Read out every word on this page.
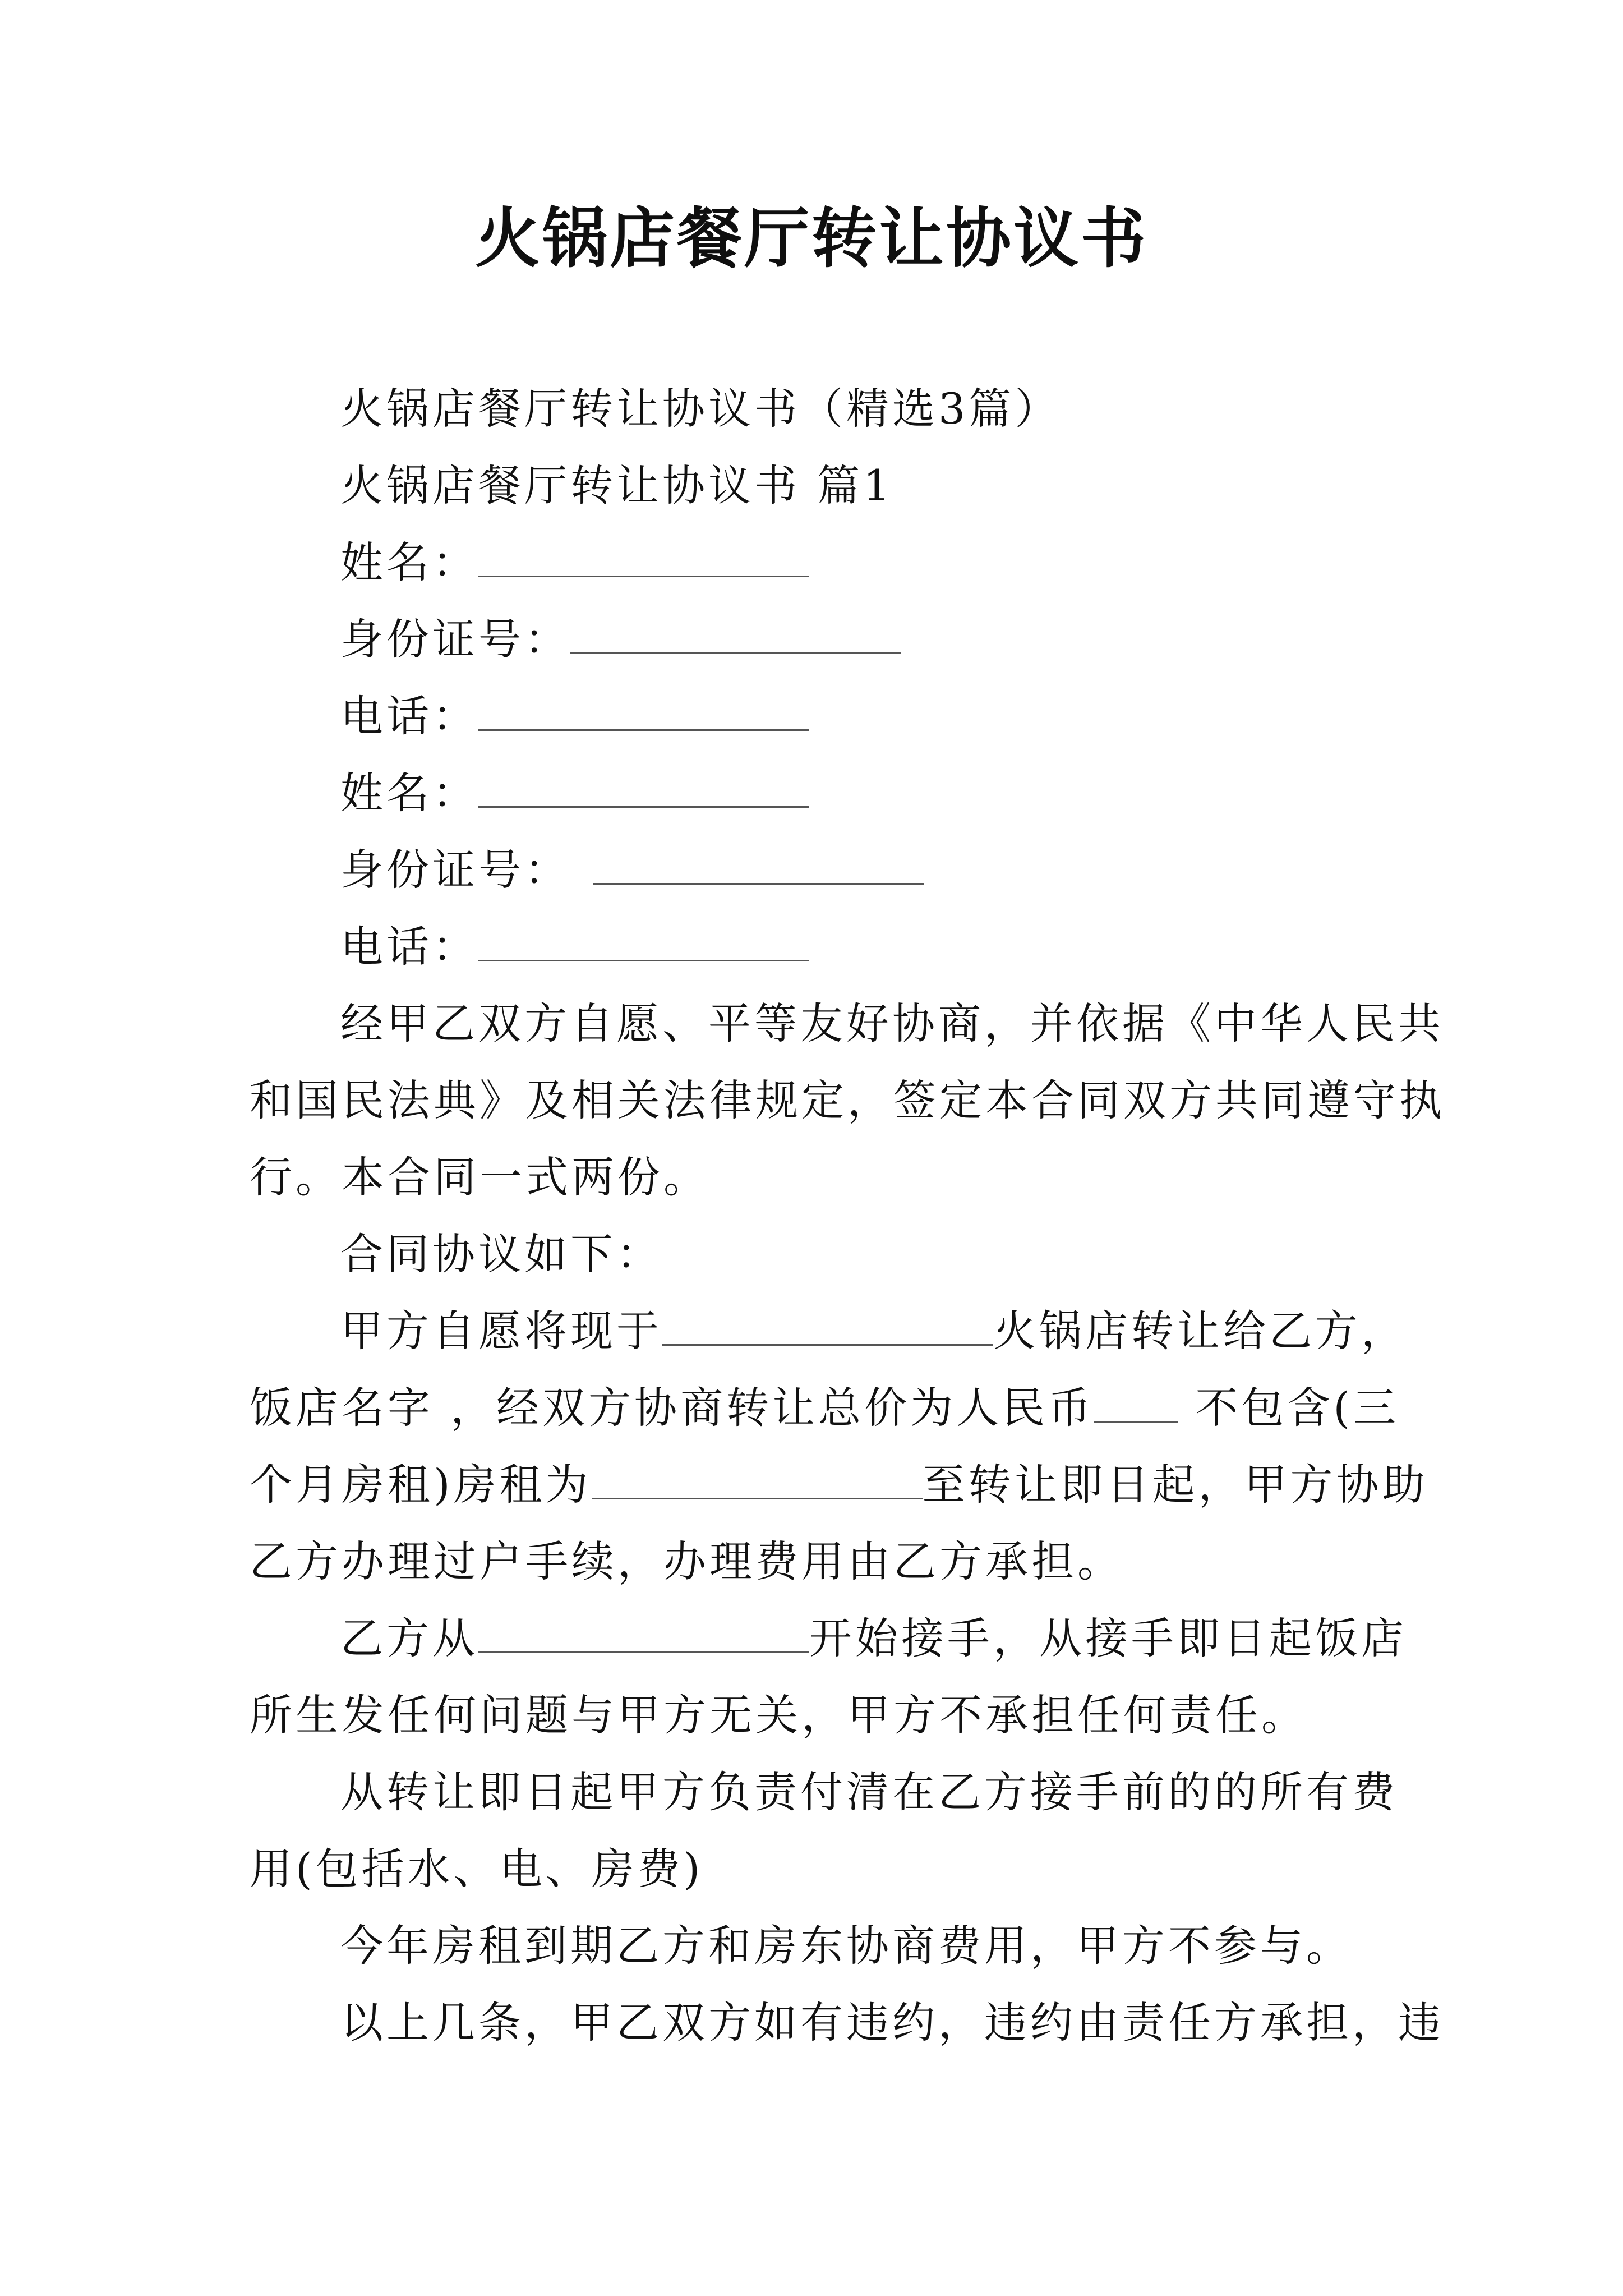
火锅店餐厅转让协议书
火锅店餐厅转让协议书（精选3篇）
火锅店餐厅转让协议书 篇1
姓名：
身份证号：
电话：
姓名：
身份证号：
电话：
经甲乙双方自愿、平等友好协商，并依据《中华人民共
和国民法典》及相关法律规定，签定本合同双方共同遵守执
行。本合同一式两份。
合同协议如下：
甲方自愿将现于	火锅店转让给乙方，
饭店名字 ，经双方协商转让总价为人民币 不包含(三
个月房租)房租为	至转让即日起，甲方协助
乙方办理过户手续，办理费用由乙方承担。
乙方从	开始接手，从接手即日起饭店
所生发任何问题与甲方无关，甲方不承担任何责任。
从转让即日起甲方负责付清在乙方接手前的的所有费
用(包括水、电、房费)
今年房租到期乙方和房东协商费用，甲方不参与。
以上几条，甲乙双方如有违约，违约由责任方承担，违
